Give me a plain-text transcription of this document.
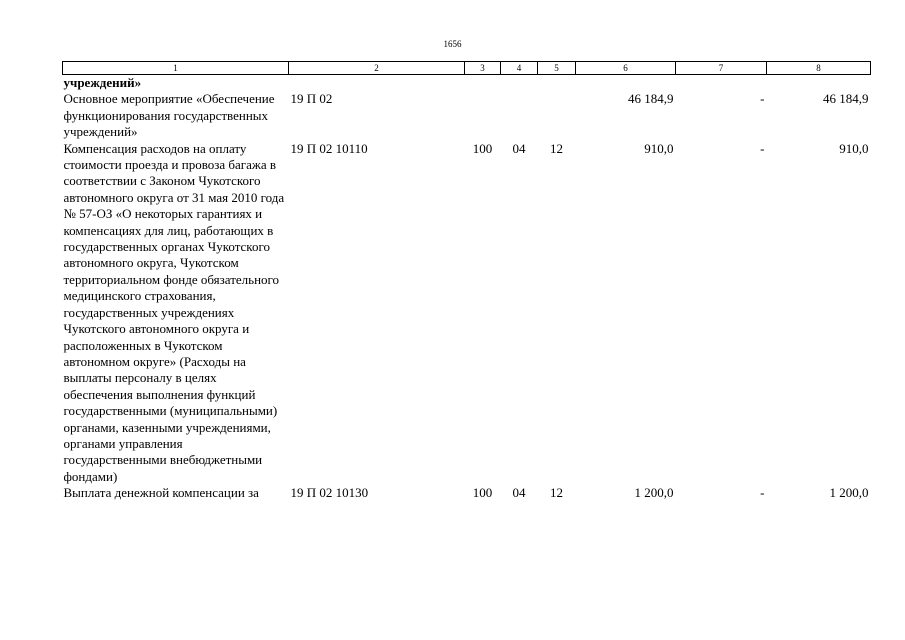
1656
1	2	3	4	5	6	7	8
учреждений»							
Основное мероприятие «Обеспечение функционирования государственных учреждений»	19 П 02				46 184,9	-	46 184,9
Компенсация расходов на оплату стоимости проезда и провоза багажа в соответствии с Законом Чукотского автономного округа от 31 мая 2010 года № 57-ОЗ «О некоторых гарантиях и компенсациях для лиц, работающих в государственных органах Чукотского автономного округа, Чукотском территориальном фонде обязательного медицинского страхования, государственных учреждениях Чукотского автономного округа и расположенных в Чукотском автономном округе» (Расходы на выплаты персоналу в целях обеспечения выполнения функций государственными (муниципальными) органами, казенными учреждениями, органами управления государственными внебюджетными фондами)	19 П 02 10110	100	04	12	910,0	-	910,0
Выплата денежной компенсации за	19 П 02 10130	100	04	12	1 200,0	-	1 200,0
